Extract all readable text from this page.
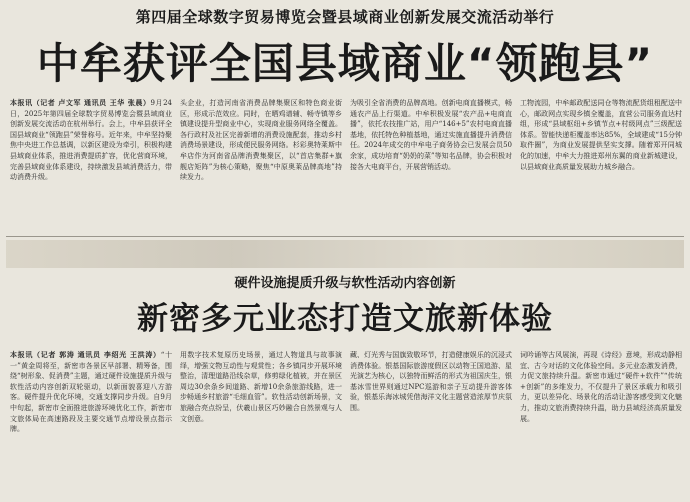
第四届全球数字贸易博览会暨县域商业创新发展交流活动举行
中牟获评全国县域商业“领跑县”
本报讯（记者 卢文军 通讯员 王华 张晨）9月24日，2025年第四届全球数字贸易博览会暨县域商业创新发展交流活动在杭州举行。会上，中牟县获评全国县域商业“领跑县”荣誉称号。近年来，中牟坚持聚焦中央进工作总基调，以新区建设为牵引，积极构建县域商业体系，推进消费提质扩容，优化营商环境，完善县域商业体系建设，持续激发县域消费活力，带动消费升级。
头企业，打造河南省消费品牌集聚区和特色商业街区，形成示范效应。同时，在晒鸡谱辅、畅寺镇等乡镇建设提升型商业中心，实现商业服务网络全覆盖。各行政村及社区完善新增的消费设施配套，推动乡村消费场景建设，形成便民服务网络。杉彩奥特莱斯中牟店作为河南省品牌消费集聚区，以“首店集群+旗舰店矩阵”为核心策略，聚焦“中原奥莱品牌高地”持续发力。
为吸引全省消费的品牌高地。创新电商直播模式，畅通农产品上行渠道。中牟积极发展“农产品+电商直播”，依托农技推广站，用户“146+5”农村电商直播基地，依托特色种植基地，通过实施直播提升消费信任。2024年成交的中牟电子商务协会已发展会员50余家，成功培育“奶奶的菜”等知名品牌，协会积极对接各大电商平台，开展营销活动。
工物流园，中牟邮政配送同仓等物流配货组租配送中心，邮政网点实现乡镇全覆盖，直营公司服务直达村组，形成“县域枢纽+乡镇节点+村级网点”三级配送体系。智能快递柜覆盖率达85%，全域建成“15分钟取件圈”，为商业发展提供坚实支撑。随着郑开同城化的加速，中牟大力推进郑州东翼的商业新城建设，以县域商业高质量发展助力城乡融合。
硬件设施提质升级与软性活动内容创新
新密多元业态打造文旅新体验
本报讯（记者 郭涛 通讯员 李绍光 王洪涛）“十一”黄金周将至，新密市各景区早部署、精筹备，围绕“树形象、促消费”主题，通过硬件设施提质升级与软性活动内容创新双轮驱动，以新面貌喜迎八方游客。硬件提升优化环境，交通支撑同步升级。自9月中旬起，新密市全面推进旅游环境优化工作，新密市文旅体局在高速路段及主要交通节点增设景点指示牌。
用数字技术复原历史场景，通过人物道具与故事演绎，增强文物互动性与观赏性；各乡镇同步开展环境整治，清理道路沿线杂草，修剪绿化植被，并在景区周边30余条乡间道路、新增10余条旅游线路，进一步畅通乡村旅游“毛细血管”。软性活动创新场景，文旅融合亮点纷呈，伏羲山景区巧妙融合自然景观与人文创意。
藏、灯光秀与国旗致敬环节，打造健康娱乐的沉浸式消费体验。银基国际旅游度假区以动物王国追游、星光演艺为核心，以独特而鲜活的形式为祖国庆生，银基冰雪世界则通过NPC巡游和亲子互动提升游客体验，银基乐海冰城凭借海洋文化主题营造浓厚节庆氛围。
词吟诵等古风展演，再现《诗经》意境，形成动静相宜、古今对话的文化体验空间。多元业态激发消费，力促文旅持续升温。新密市通过“硬件+软件”“传统+创新”的多维发力，不仅提升了景区承载力和吸引力，更以差异化、场景化的活动让游客感受到文化魅力，推动文旅消费持续升温，助力县域经济高质量发展。
